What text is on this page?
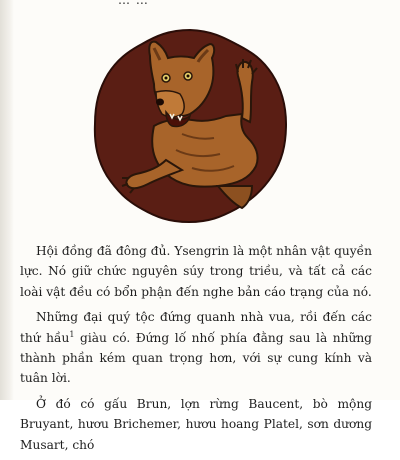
… …

Hội đồng đã đông đủ. Ysengrin là một nhân vật quyền lực. Nó giữ chức nguyên súy trong triều, và tất cả các loài vật đều có bổn phận đến nghe bản cáo trạng của nó.

Những đại quý tộc đứng quanh nhà vua, rồi đến các thứ hầu$^1$ giàu có. Đứng lố nhố phía đằng sau là những thành phần kém quan trọng hơn, với sự cung kính và tuân lời.

Ở đó có gấu Brun, lợn rừng Baucent, bò mộng Bruyant, hươu Brichemer, hươu hoang Platel, sơn dương Musart, chó
